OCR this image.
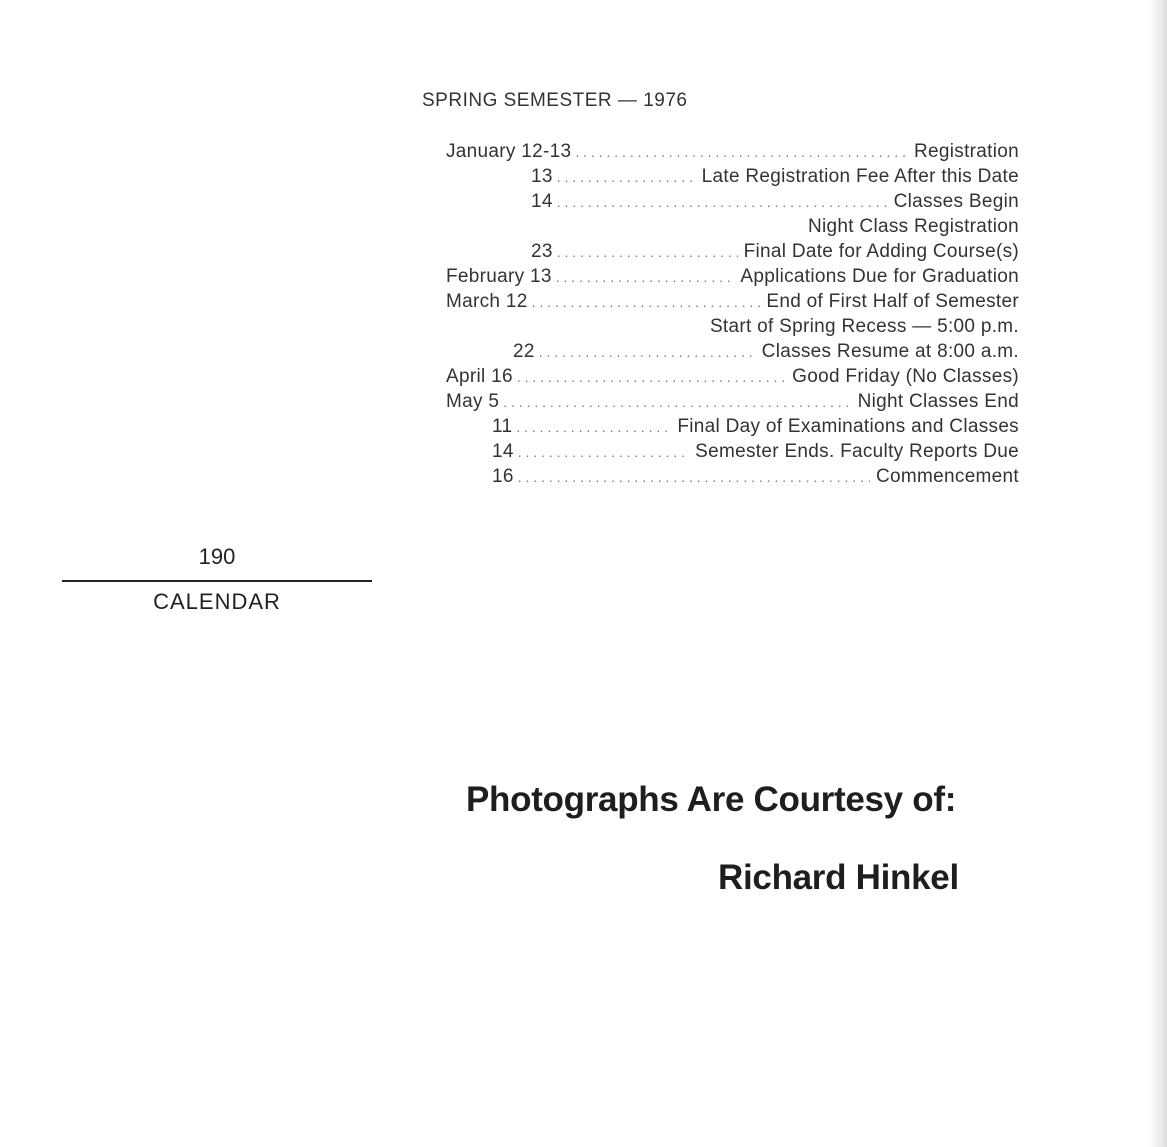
SPRING SEMESTER — 1976
January 12-13 . . .	Registration
13 . . .	Late Registration Fee After this Date
14 . . .	Classes Begin
Night Class Registration
23 . . .	Final Date for Adding Course(s)
February 13 . . .	Applications Due for Graduation
March 12 . . .	End of First Half of Semester
Start of Spring Recess — 5:00 p.m.
22 . . .	Classes Resume at 8:00 a.m.
April 16 . . .	Good Friday (No Classes)
May 5 . . .	Night Classes End
11 . . .	Final Day of Examinations and Classes
14 . . .	Semester Ends. Faculty Reports Due
16 . . .	Commencement
190
CALENDAR
Photographs Are Courtesy of:
Richard Hinkel
